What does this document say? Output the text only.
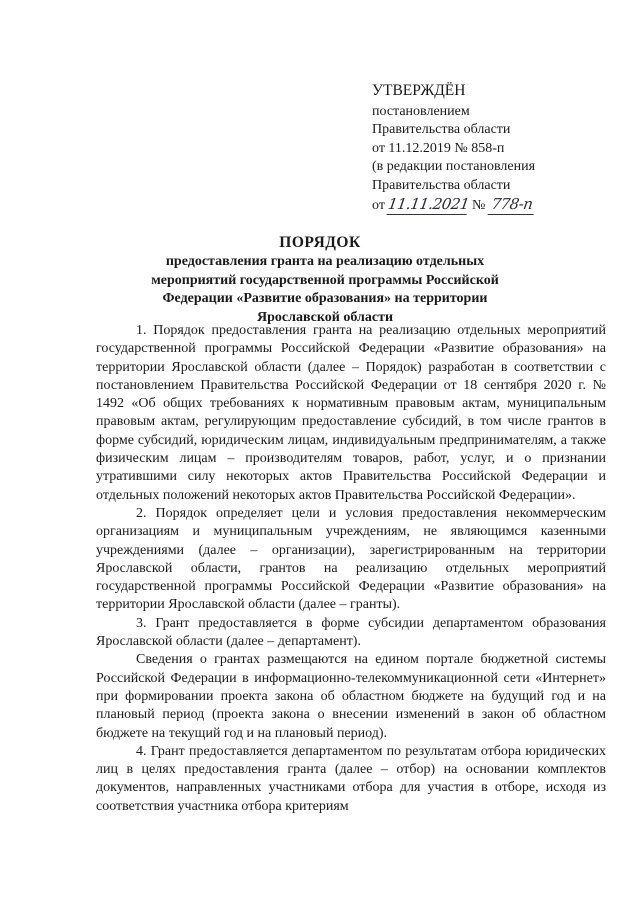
УТВЕРЖДЁН
постановлением
Правительства области
от 11.12.2019 № 858-п
(в редакции постановления
Правительства области
от 11.11.2021 № 778-п
ПОРЯДОК
предоставления гранта на реализацию отдельных мероприятий государственной программы Российской Федерации «Развитие образования» на территории Ярославской области

1. Порядок предоставления гранта на реализацию отдельных мероприятий государственной программы Российской Федерации «Развитие образования» на территории Ярославской области (далее – Порядок) разработан в соответствии с постановлением Правительства Российской Федерации от 18 сентября 2020 г. № 1492 «Об общих требованиях к нормативным правовым актам, муниципальным правовым актам, регулирующим предоставление субсидий, в том числе грантов в форме субсидий, юридическим лицам, индивидуальным предпринимателям, а также физическим лицам – производителям товаров, работ, услуг, и о признании утратившими силу некоторых актов Правительства Российской Федерации и отдельных положений некоторых актов Правительства Российской Федерации».

2. Порядок определяет цели и условия предоставления некоммерческим организациям и муниципальным учреждениям, не являющимся казенными учреждениями (далее – организации), зарегистрированным на территории Ярославской области, грантов на реализацию отдельных мероприятий государственной программы Российской Федерации «Развитие образования» на территории Ярославской области (далее – гранты).

3. Грант предоставляется в форме субсидии департаментом образования Ярославской области (далее – департамент).

Сведения о грантах размещаются на едином портале бюджетной системы Российской Федерации в информационно-телекоммуникационной сети «Интернет» при формировании проекта закона об областном бюджете на будущий год и на плановый период (проекта закона о внесении изменений в закон об областном бюджете на текущий год и на плановый период).

4. Грант предоставляется департаментом по результатам отбора юридических лиц в целях предоставления гранта (далее – отбор) на основании комплектов документов, направленных участниками отбора для участия в отборе, исходя из соответствия участника отбора критериям
